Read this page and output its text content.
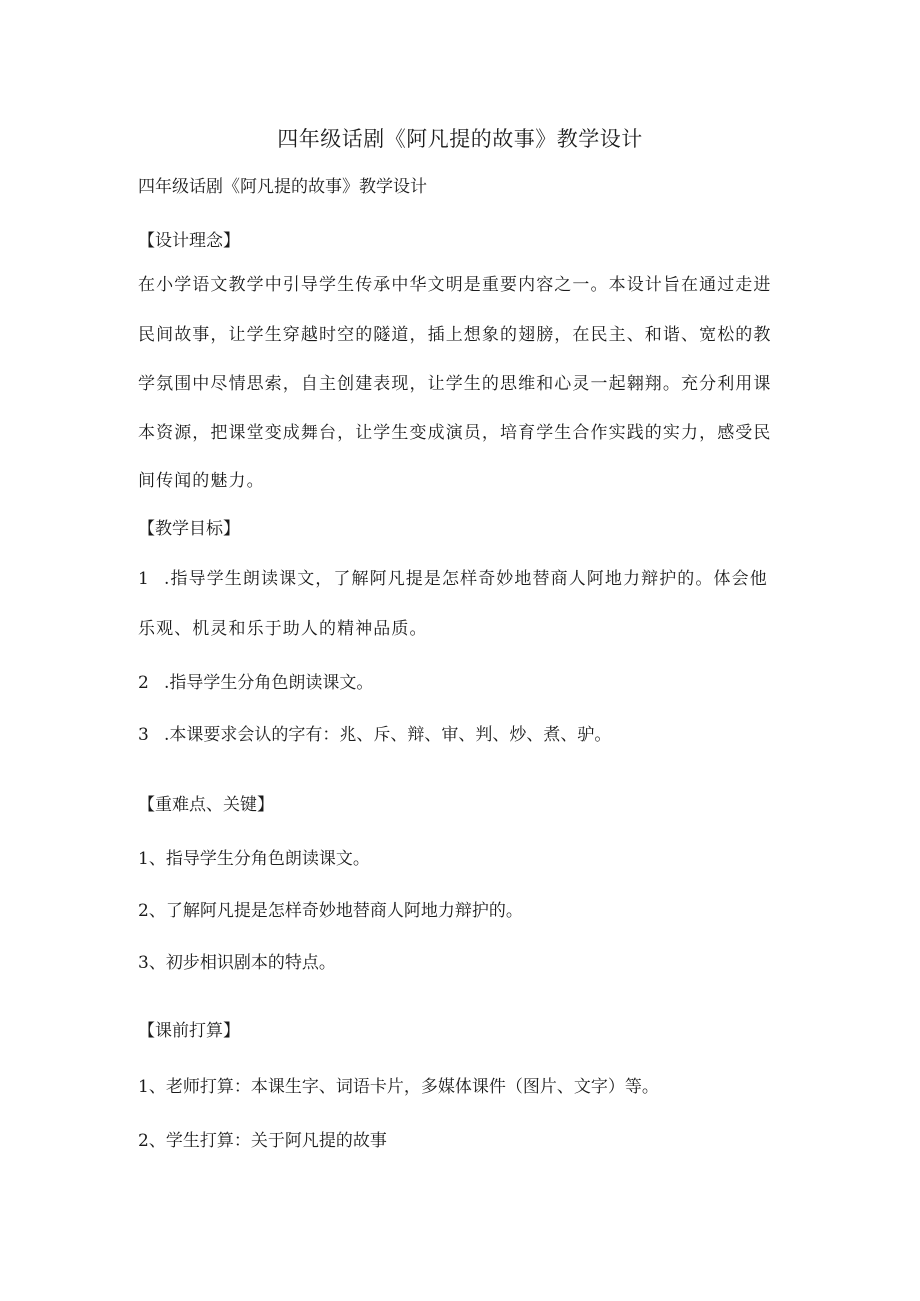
四年级话剧《阿凡提的故事》教学设计
四年级话剧《阿凡提的故事》教学设计
【设计理念】
在小学语文教学中引导学生传承中华文明是重要内容之一。本设计旨在通过走进
民间故事，让学生穿越时空的隧道，插上想象的翅膀，在民主、和谐、宽松的教
学氛围中尽情思索，自主创建表现，让学生的思维和心灵一起翱翔。充分利用课
本资源，把课堂变成舞台，让学生变成演员，培育学生合作实践的实力，感受民
间传闻的魅力。
【教学目标】
1 .指导学生朗读课文，了解阿凡提是怎样奇妙地替商人阿地力辩护的。体会他
乐观、机灵和乐于助人的精神品质。
2 .指导学生分角色朗读课文。
3 .本课要求会认的字有：兆、斥、辩、审、判、炒、煮、驴。
【重难点、关键】
1、指导学生分角色朗读课文。
2、了解阿凡提是怎样奇妙地替商人阿地力辩护的。
3、初步相识剧本的特点。
【课前打算】
1、老师打算：本课生字、词语卡片，多媒体课件（图片、文字）等。
2、学生打算：关于阿凡提的故事
